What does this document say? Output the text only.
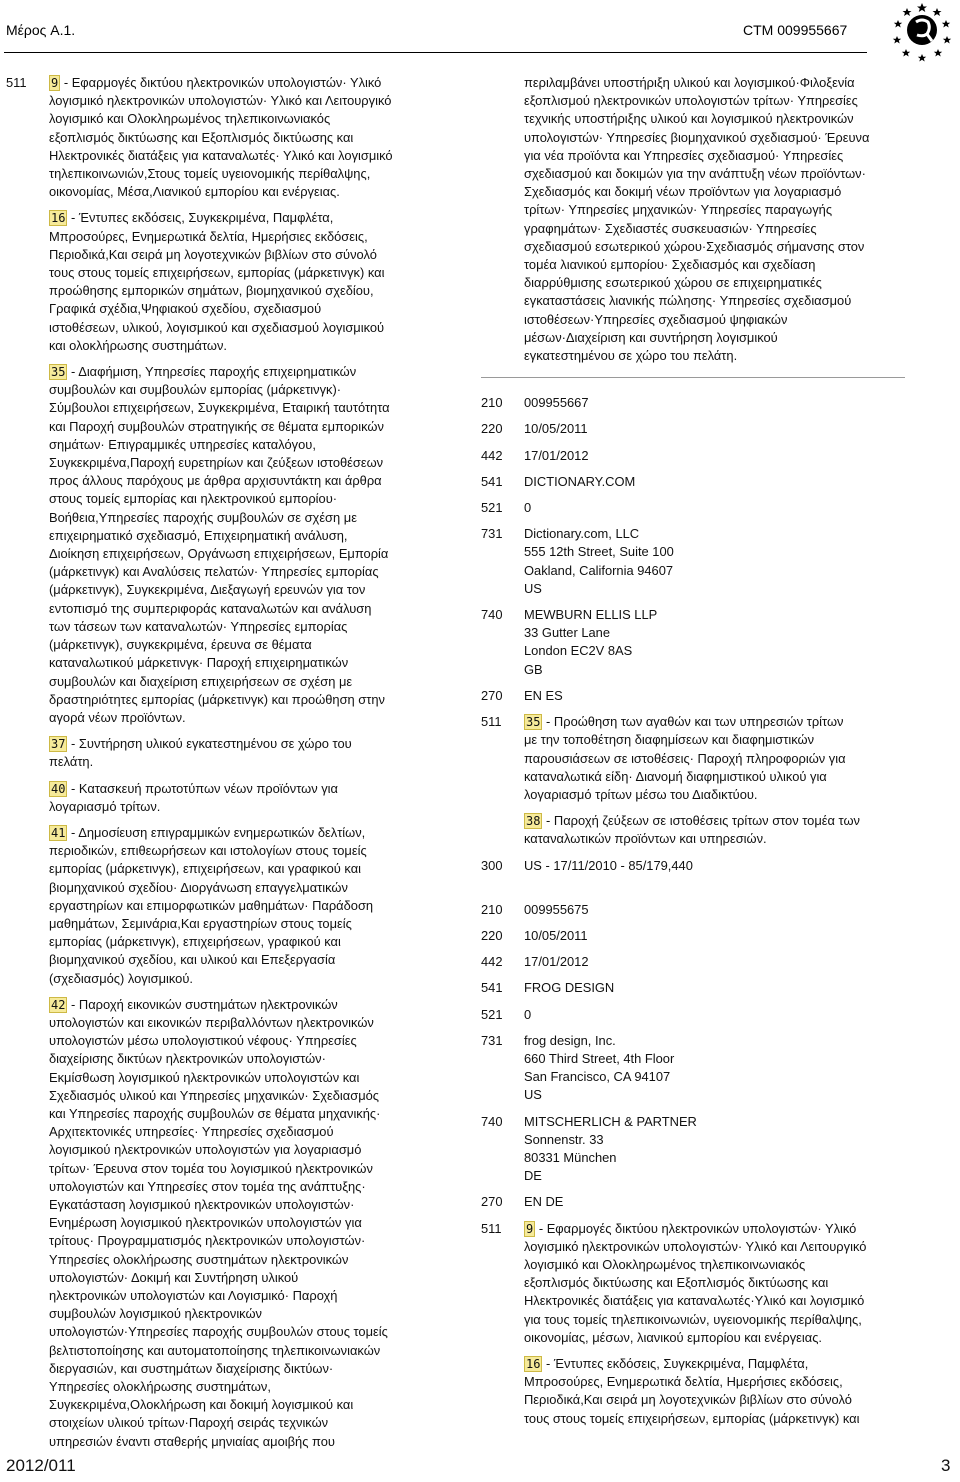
Μέρος A.1.	CTM 009955667
511	9 - Εφαρμογές δικτύου ηλεκτρονικών υπολογιστών· Υλικό
λογισμικό ηλεκτρονικών υπολογιστών· Υλικό και Λειτουργικό
λογισμικό και Ολοκληρωμένος τηλεπικοινωνιακός
εξοπλισμός δικτύωσης και Εξοπλισμός δικτύωσης και
Ηλεκτρονικές διατάξεις για καταναλωτές· Υλικό και λογισμικό
τηλεπικοινωνιών,Στους τομείς υγειονομικής περίθαλψης,
οικονομίας, Μέσα,Λιανικού εμπορίου και ενέργειας.
16 - Έντυπες εκδόσεις, Συγκεκριμένα, Παμφλέτα,
Μπροσούρες, Ενημερωτικά δελτία, Ημερήσιες εκδόσεις,
Περιοδικά,Και σειρά μη λογοτεχνικών βιβλίων στο σύνολό
τους στους τομείς επιχειρήσεων, εμπορίας (μάρκετινγκ) και
προώθησης εμπορικών σημάτων, βιομηχανικού σχεδίου,
Γραφικά σχέδια,Ψηφιακού σχεδίου, σχεδιασμού
ιστοθέσεων, υλικού, λογισμικού και σχεδιασμού λογισμικού
και ολοκλήρωσης συστημάτων.
35 - Διαφήμιση, Υπηρεσίες παροχής επιχειρηματικών
συμβουλών και συμβουλών εμπορίας (μάρκετινγκ)·
Σύμβουλοι επιχειρήσεων, Συγκεκριμένα, Εταιρική ταυτότητα
και Παροχή συμβουλών στρατηγικής σε θέματα εμπορικών
σημάτων· Επιγραμμικές υπηρεσίες καταλόγου,
Συγκεκριμένα,Παροχή ευρετηρίων και ζεύξεων ιστοθέσεων
προς άλλους παρόχους με άρθρα αρχισυντάκτη και άρθρα
στους τομείς εμπορίας και ηλεκτρονικού εμπορίου·
Βοήθεια,Υπηρεσίες παροχής συμβουλών σε σχέση με
επιχειρηματικό σχεδιασμό, Επιχειρηματική ανάλυση,
Διοίκηση επιχειρήσεων, Οργάνωση επιχειρήσεων, Εμπορία
(μάρκετινγκ) και Αναλύσεις πελατών· Υπηρεσίες εμπορίας
(μάρκετινγκ), Συγκεκριμένα, Διεξαγωγή ερευνών για τον
εντοπισμό της συμπεριφοράς καταναλωτών και ανάλυση
των τάσεων των καταναλωτών· Υπηρεσίες εμπορίας
(μάρκετινγκ), συγκεκριμένα, έρευνα σε θέματα
καταναλωτικού μάρκετινγκ· Παροχή επιχειρηματικών
συμβουλών και διαχείριση επιχειρήσεων σε σχέση με
δραστηριότητες εμπορίας (μάρκετινγκ) και προώθηση στην
αγορά νέων προϊόντων.
37 - Συντήρηση υλικού εγκατεστημένου σε χώρο του
πελάτη.
40 - Κατασκευή πρωτοτύπων νέων προϊόντων για
λογαριασμό τρίτων.
41 - Δημοσίευση επιγραμμικών ενημερωτικών δελτίων,
περιοδικών, επιθεωρήσεων και ιστολογίων στους τομείς
εμπορίας (μάρκετινγκ), επιχειρήσεων, και γραφικού και
βιομηχανικού σχεδίου· Διοργάνωση επαγγελματικών
εργαστηρίων και επιμορφωτικών μαθημάτων· Παράδοση
μαθημάτων, Σεμινάρια,Και εργαστηρίων στους τομείς
εμπορίας (μάρκετινγκ), επιχειρήσεων, γραφικού και
βιομηχανικού σχεδίου, και υλικού και Επεξεργασία
(σχεδιασμός) λογισμικού.
42 - Παροχή εικονικών συστημάτων ηλεκτρονικών
υπολογιστών και εικονικών περιβαλλόντων ηλεκτρονικών
υπολογιστών μέσω υπολογιστικού νέφους· Υπηρεσίες
διαχείρισης δικτύων ηλεκτρονικών υπολογιστών·
Εκμίσθωση λογισμικού ηλεκτρονικών υπολογιστών και
Σχεδιασμός υλικού και Υπηρεσίες μηχανικών· Σχεδιασμός
και Υπηρεσίες παροχής συμβουλών σε θέματα μηχανικής·
Αρχιτεκτονικές υπηρεσίες· Υπηρεσίες σχεδιασμού
λογισμικού ηλεκτρονικών υπολογιστών για λογαριασμό
τρίτων· Έρευνα στον τομέα του λογισμικού ηλεκτρονικών
υπολογιστών και Υπηρεσίες στον τομέα της ανάπτυξης·
Εγκατάσταση λογισμικού ηλεκτρονικών υπολογιστών·
Ενημέρωση λογισμικού ηλεκτρονικών υπολογιστών για
τρίτους· Προγραμματισμός ηλεκτρονικών υπολογιστών·
Υπηρεσίες ολοκλήρωσης συστημάτων ηλεκτρονικών
υπολογιστών· Δοκιμή και Συντήρηση υλικού
ηλεκτρονικών υπολογιστών και Λογισμικό· Παροχή
συμβουλών λογισμικού ηλεκτρονικών
υπολογιστών·Υπηρεσίες παροχής συμβουλών στους τομείς
βελτιστοποίησης και αυτοματοποίησης τηλεπικοινωνιακών
διεργασιών, και συστημάτων διαχείρισης δικτύων·
Υπηρεσίες ολοκλήρωσης συστημάτων,
Συγκεκριμένα,Ολοκλήρωση και δοκιμή λογισμικού και
στοιχείων υλικού τρίτων·Παροχή σειράς τεχνικών
υπηρεσιών έναντι σταθερής μηνιαίας αμοιβής που
περιλαμβάνει υποστήριξη υλικού και λογισμικού·Φιλοξενία
εξοπλισμού ηλεκτρονικών υπολογιστών τρίτων· Υπηρεσίες
τεχνικής υποστήριξης υλικού και λογισμικού ηλεκτρονικών
υπολογιστών· Υπηρεσίες βιομηχανικού σχεδιασμού· Έρευνα
για νέα προϊόντα και Υπηρεσίες σχεδιασμού· Υπηρεσίες
σχεδιασμού και δοκιμών για την ανάπτυξη νέων προϊόντων·
Σχεδιασμός και δοκιμή νέων προϊόντων για λογαριασμό
τρίτων· Υπηρεσίες μηχανικών· Υπηρεσίες παραγωγής
γραφημάτων· Σχεδιαστές συσκευασιών· Υπηρεσίες
σχεδιασμού εσωτερικού χώρου·Σχεδιασμός σήμανσης στον
τομέα λιανικού εμπορίου· Σχεδιασμός και σχεδίαση
διαρρύθμισης εσωτερικού χώρου σε επιχειρηματικές
εγκαταστάσεις λιανικής πώλησης· Υπηρεσίες σχεδιασμού
ιστοθέσεων·Υπηρεσίες σχεδιασμού ψηφιακών
μέσων·Διαχείριση και συντήρηση λογισμικού
εγκατεστημένου σε χώρο του πελάτη.
210	009955667
220	10/05/2011
442	17/01/2012
541	DICTIONARY.COM
521	0
731	Dictionary.com, LLC
555 12th Street, Suite 100
Oakland, California 94607
US
740	MEWBURN ELLIS LLP
33 Gutter Lane
London EC2V 8AS
GB
270	EN ES
511	35 - Προώθηση των αγαθών και των υπηρεσιών τρίτων
με την τοποθέτηση διαφημίσεων και διαφημιστικών
παρουσιάσεων σε ιστοθέσεις· Παροχή πληροφοριών για
καταναλωτικά είδη· Διανομή διαφημιστικού υλικού για
λογαριασμό τρίτων μέσω του Διαδικτύου.
38 - Παροχή ζεύξεων σε ιστοθέσεις τρίτων στον τομέα των
καταναλωτικών προϊόντων και υπηρεσιών.
300	US - 17/11/2010 - 85/179,440
210	009955675
220	10/05/2011
442	17/01/2012
541	FROG DESIGN
521	0
731	frog design, Inc.
660 Third Street, 4th Floor
San Francisco, CA 94107
US
740	MITSCHERLICH & PARTNER
Sonnenstr. 33
80331 München
DE
270	EN DE
511	9 - Εφαρμογές δικτύου ηλεκτρονικών υπολογιστών· Υλικό
λογισμικό ηλεκτρονικών υπολογιστών· Υλικό και Λειτουργικό
λογισμικό και Ολοκληρωμένος τηλεπικοινωνιακός
εξοπλισμός δικτύωσης και Εξοπλισμός δικτύωσης και
Ηλεκτρονικές διατάξεις για καταναλωτές·Υλικό και λογισμικό
για τους τομείς τηλεπικοινωνιών, υγειονομικής περίθαλψης,
οικονομίας, μέσων, λιανικού εμπορίου και ενέργειας.
16 - Έντυπες εκδόσεις, Συγκεκριμένα, Παμφλέτα,
Μπροσούρες, Ενημερωτικά δελτία, Ημερήσιες εκδόσεις,
Περιοδικά,Και σειρά μη λογοτεχνικών βιβλίων στο σύνολό
τους στους τομείς επιχειρήσεων, εμπορίας (μάρκετινγκ) και
2012/011	3
